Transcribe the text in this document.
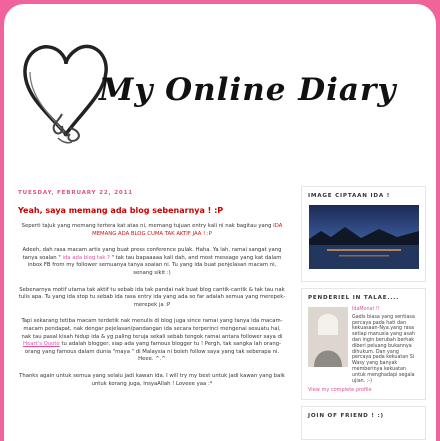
My Online Diary
TUESDAY, FEBRUARY 22, 2011
Yeah, saya memang ada blog sebenarnya ! :P

Seperti tajuk yang memang tertera kat atas ni, memang tujuan entry kali ni nak bagitau yang IDA MEMANG ADA BLOG CUMA TAK AKTIF JAA ! :P

Adeeh, dah rasa macam artis yang buat press conference pulak. Haha. Ya lah, ramai sangat yang tanya soalan " ida ada blog tak ? " tak tau bapaaaaa kali dah, and most message yang kat dalam inbox FB from my follower semuanya tanya soalan ni. Tu yang ida buat penjelasan macam ni, senang sikit :)

Sebenarnya motif utama tak aktif tu sebab ida tak pandai nak buat blog cantik-cantik & tak tau nak tulis apa. Tu yang ida stop tu sebab ida rasa entry ida yang ada so far adalah semua yang merepek-merepek ja :P

Tapi sekarang tetiba macam terdetik nak menulis di blog juga since ramai yang tanya ida macam-macam pendapat, nak dengar pejelasan/pandangan ida secara terperinci mengenai sesuatu hal, nak tau pasal kisah hidup ida & yg paling teruja sekali sebab tengok ramai antara follower saya di Heart's Quote tu adalah blogger, siap ada yang famous blogger tu ! Pergh, tak sangka lah orang-orang yang famous dalam dunia "maya " di Malaysia ni boleh follow saya yang tak seberapa ni. Heee. ^.^

Thanks again untuk semua yang selalu jadi kawan ida. I will try my best untuk jadi kawan yang baik untuk korang juga, InsyaAllah ! Loveee yaa :*

IMAGE CIPTAAN IDA !
PENDERIEL IN TALAE....
IdaMonat !!
Gadis biasa yang sentiasa percaya pada hati dan kekuasaan-Nya.yang rasa setiap manusia yang asah dan ingin berubah berhak diberi peluang bukannya dihukum. Dan yang percaya pada kekuatan Si Wasy yang banyak memberinya kekuatan untuk menghadapi segala ujian. :-)
View my complete profile
JOIN OF FRIEND ! :)
